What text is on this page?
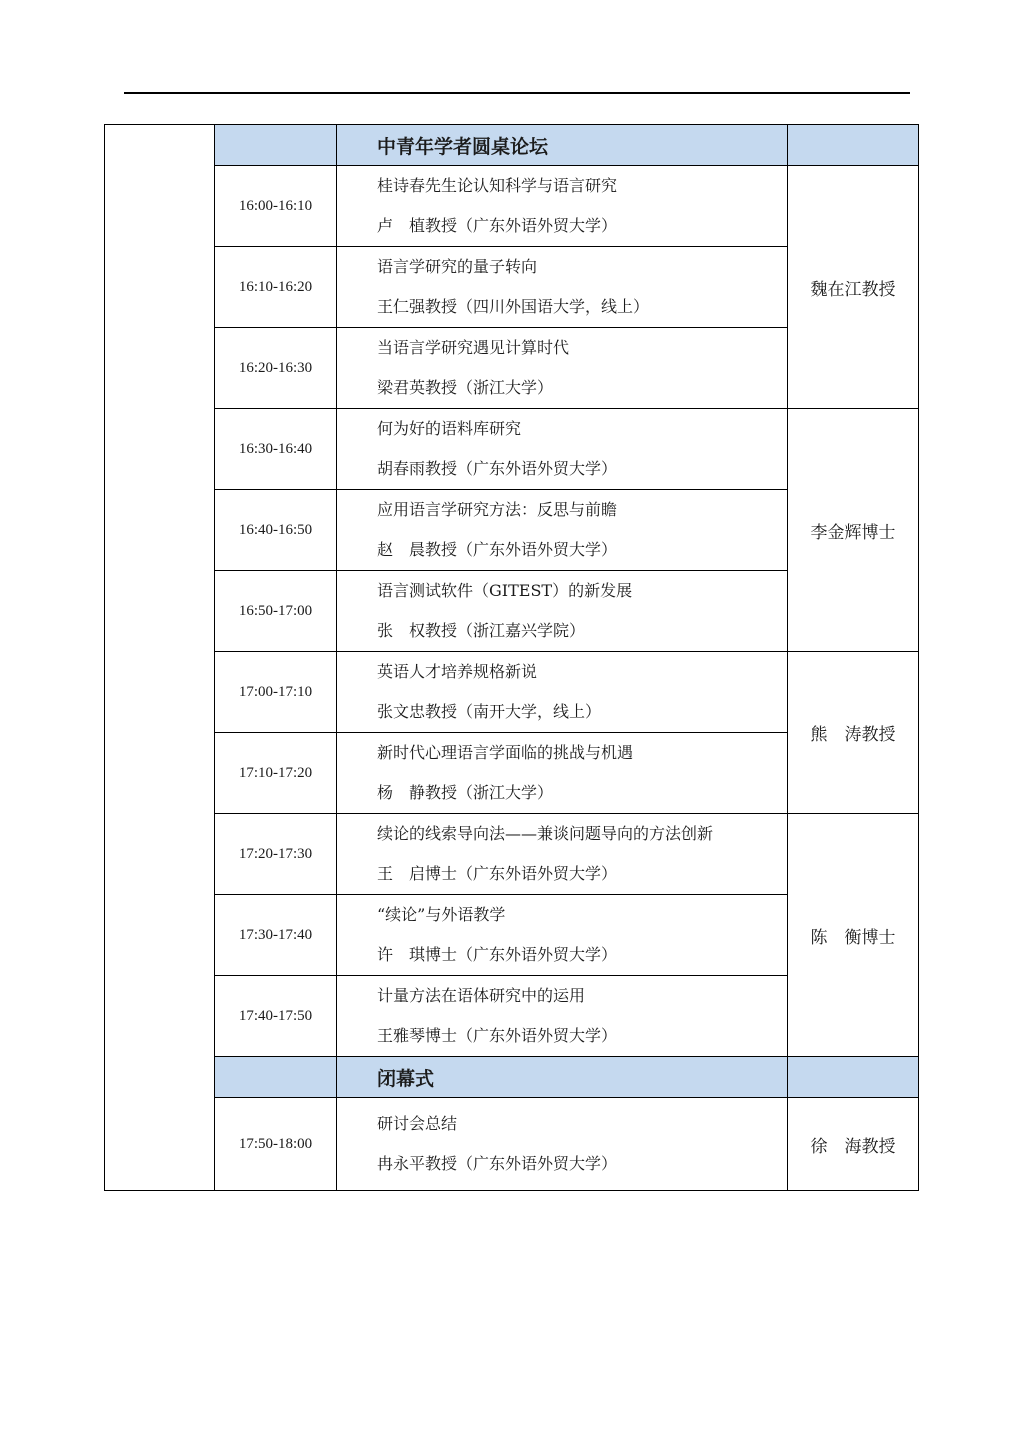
		中青年学者圆桌论坛	
	16:00-16:10	桂诗春先生论认知科学与语言研究
卢　植教授（广东外语外贸大学）	魏在江教授
	16:10-16:20	语言学研究的量子转向
王仁强教授（四川外国语大学，线上）	

	16:20-16:30	当语言学研究遇见计算时代
梁君英教授（浙江大学）	

	16:30-16:40	何为好的语料库研究
胡春雨教授（广东外语外贸大学）	李金辉博士
	16:40-16:50	应用语言学研究方法：反思与前瞻
赵　晨教授（广东外语外贸大学）	

	16:50-17:00	语言测试软件（GITEST）的新发展
张　权教授（浙江嘉兴学院）	

	17:00-17:10	英语人才培养规格新说
张文忠教授（南开大学，线上）	熊　涛教授
	17:10-17:20	新时代心理语言学面临的挑战与机遇
杨　静教授（浙江大学）	

	17:20-17:30	续论的线索导向法——兼谈问题导向的方法创新
王　启博士（广东外语外贸大学）	陈　衡博士
	17:30-17:40	“续论”与外语教学
许　琪博士（广东外语外贸大学）	

	17:40-17:50	计量方法在语体研究中的运用
王雅琴博士（广东外语外贸大学）	

		闭幕式	
	17:50-18:00	研讨会总结
冉永平教授（广东外语外贸大学）	徐　海教授
